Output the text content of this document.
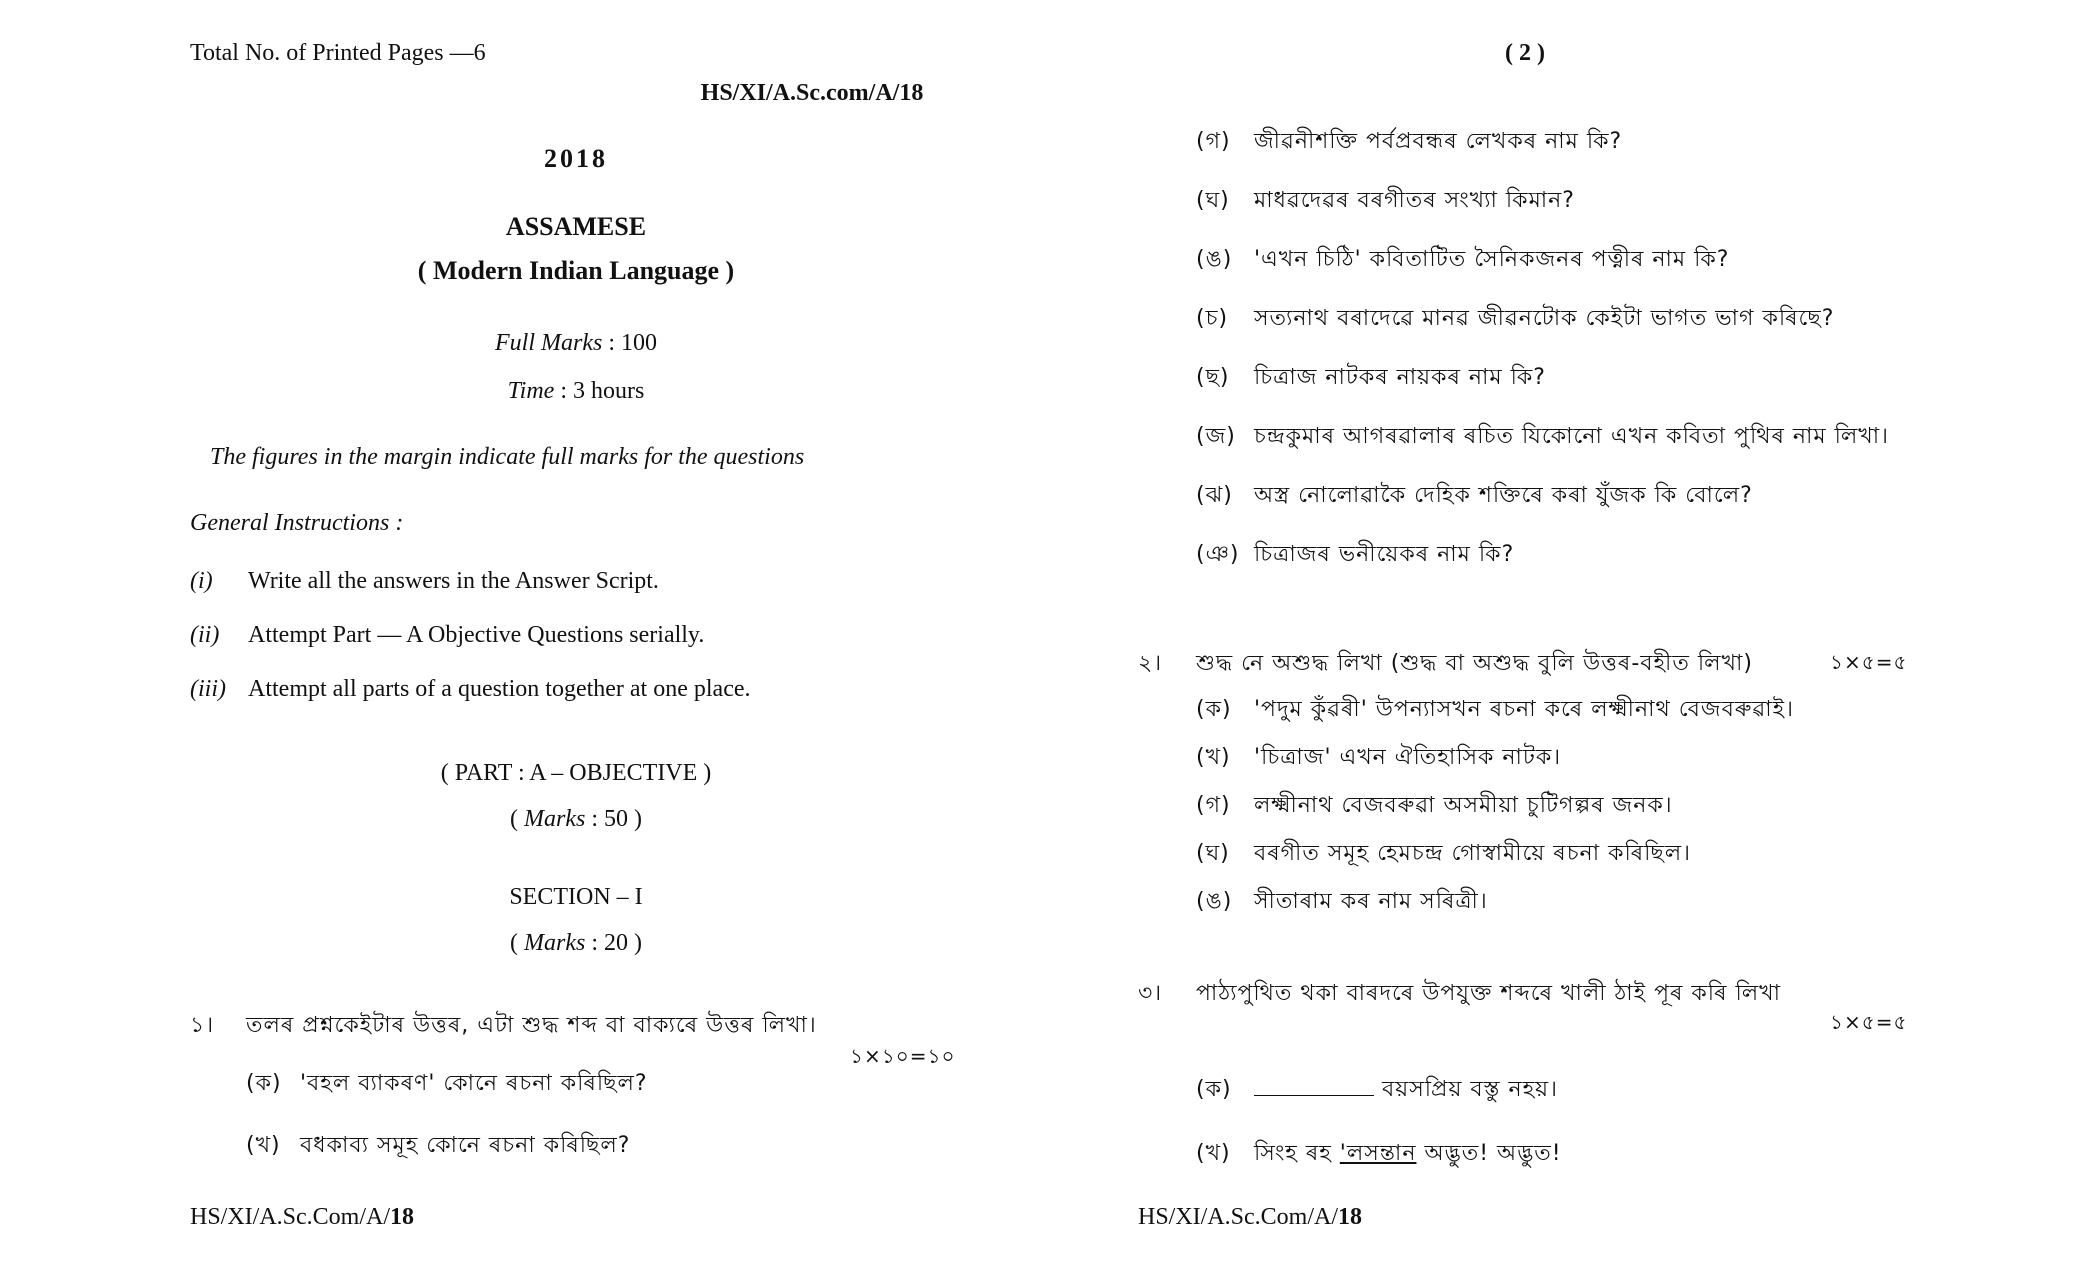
Total No. of Printed Pages —6
HS/XI/A.Sc.com/A/18
2018
ASSAMESE
( Modern Indian Language )
Full Marks : 100
Time : 3 hours
The figures in the margin indicate full marks for the questions
General Instructions :
(i) Write all the answers in the Answer Script.
(ii) Attempt Part — A Objective Questions serially.
(iii) Attempt all parts of a question together at one place.
( PART : A – OBJECTIVE )
( Marks : 50 )
SECTION – I
( Marks : 20 )
১। তলৰ প্ৰশ্নকেইটাৰ উত্তৰ, এটা শুদ্ধ শব্দ বা বাক্যৰে উত্তৰ লিখা।
১×১০=১০
(ক) 'বহল ব্যাকৰণ' কোনে ৰচনা কৰিছিল?
(খ) বধকাব্য সমূহ কোনে ৰচনা কৰিছিল?
HS/XI/A.Sc.Com/A/18
( 2 )
(গ) জীৱনীশক্তি পৰ্বপ্ৰবন্ধৰ লেখকৰ নাম কি?
(ঘ) মাধৱদেৱৰ বৰগীতৰ সংখ্যা কিমান?
(ঙ) 'এখন চিঠি' কবিতাটিত সৈনিকজনৰ পত্নীৰ নাম কি?
(চ) সত্যনাথ বৰাদেৱে মানৱ জীৱনটোক কেইটা ভাগত ভাগ কৰিছে?
(ছ) চিত্ৰাজ নাটকৰ নায়কৰ নাম কি?
(জ) চন্দ্ৰকুমাৰ আগৰৱালাৰ ৰচিত যিকোনো এখন কবিতা পুথিৰ নাম লিখা।
(ঝ) অস্ত্ৰ নোলোৱাকৈ দেহিক শক্তিৰে কৰা যুঁজক কি বোলে?
(ঞ) চিত্ৰাজৰ ভনীয়েকৰ নাম কি?
২। শুদ্ধ নে অশুদ্ধ লিখা (শুদ্ধ বা অশুদ্ধ বুলি উত্তৰ-বহীত লিখা)	১×৫=৫
(ক) 'পদুম কুঁৱৰী' উপন্যাসখন ৰচনা কৰে লক্ষ্মীনাথ বেজবৰুৱাই।
(খ) 'চিত্ৰাজ' এখন ঐতিহাসিক নাটক।
(গ) লক্ষ্মীনাথ বেজবৰুৱা অসমীয়া চুটিগল্পৰ জনক।
(ঘ) বৰগীত সমূহ হেমচন্দ্ৰ গোস্বামীয়ে ৰচনা কৰিছিল।
(ঙ) সীতাৰাম কৰ নাম সৰিত্ৰী।
৩। পাঠ্যপুথিত থকা বাৰদৰে উপযুক্ত শব্দৰে খালী ঠাই পূৰ কৰি লিখা
১×৫=৫
(ক)	বয়সপ্ৰিয় বস্তু নহয়।
(খ) সিংহ ৰহ 'লসন্তান অদ্ভুত! অদ্ভুত!
HS/XI/A.Sc.Com/A/18
